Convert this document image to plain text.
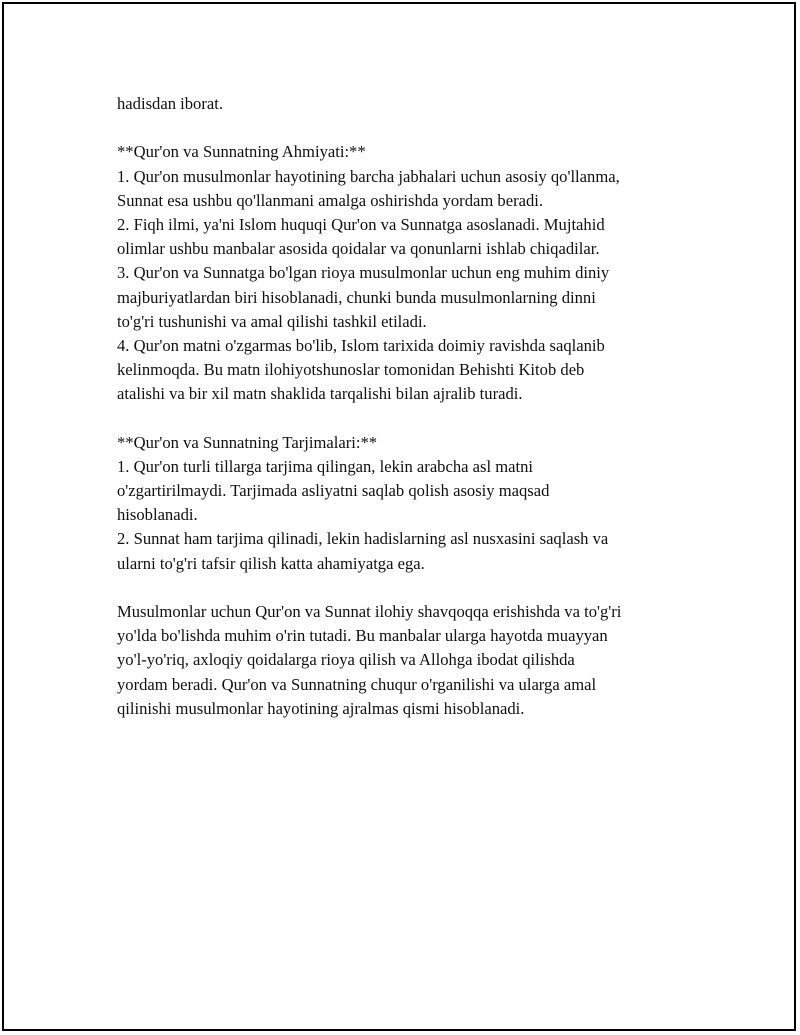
hadisdan iborat.
**Qur'on va Sunnatning Ahmiyati:**
1. Qur'on musulmonlar hayotining barcha jabhalari uchun asosiy qo'llanma,
Sunnat esa ushbu qo'llanmani amalga oshirishda yordam beradi.
2. Fiqh ilmi, ya'ni Islom huquqi Qur'on va Sunnatga asoslanadi. Mujtahid
olimlar ushbu manbalar asosida qoidalar va qonunlarni ishlab chiqadilar.
3. Qur'on va Sunnatga bo'lgan rioya musulmonlar uchun eng muhim diniy
majburiyatlardan biri hisoblanadi, chunki bunda musulmonlarning dinni
to'g'ri tushunishi va amal qilishi tashkil etiladi.
4. Qur'on matni o'zgarmas bo'lib, Islom tarixida doimiy ravishda saqlanib
kelinmoqda. Bu matn ilohiyotshunoslar tomonidan Behishti Kitob deb
atalishi va bir xil matn shaklida tarqalishi bilan ajralib turadi.
**Qur'on va Sunnatning Tarjimalari:**
1. Qur'on turli tillarga tarjima qilingan, lekin arabcha asl matni
o'zgartirilmaydi. Tarjimada asliyatni saqlab qolish asosiy maqsad
hisoblanadi.
2. Sunnat ham tarjima qilinadi, lekin hadislarning asl nusxasini saqlash va
ularni to'g'ri tafsir qilish katta ahamiyatga ega.
Musulmonlar uchun Qur'on va Sunnat ilohiy shavqoqqa erishishda va to'g'ri
yo'lda bo'lishda muhim o'rin tutadi. Bu manbalar ularga hayotda muayyan
yo'l-yo'riq, axloqiy qoidalarga rioya qilish va Allohga ibodat qilishda
yordam beradi. Qur'on va Sunnatning chuqur o'rganilishi va ularga amal
qilinishi musulmonlar hayotining ajralmas qismi hisoblanadi.
